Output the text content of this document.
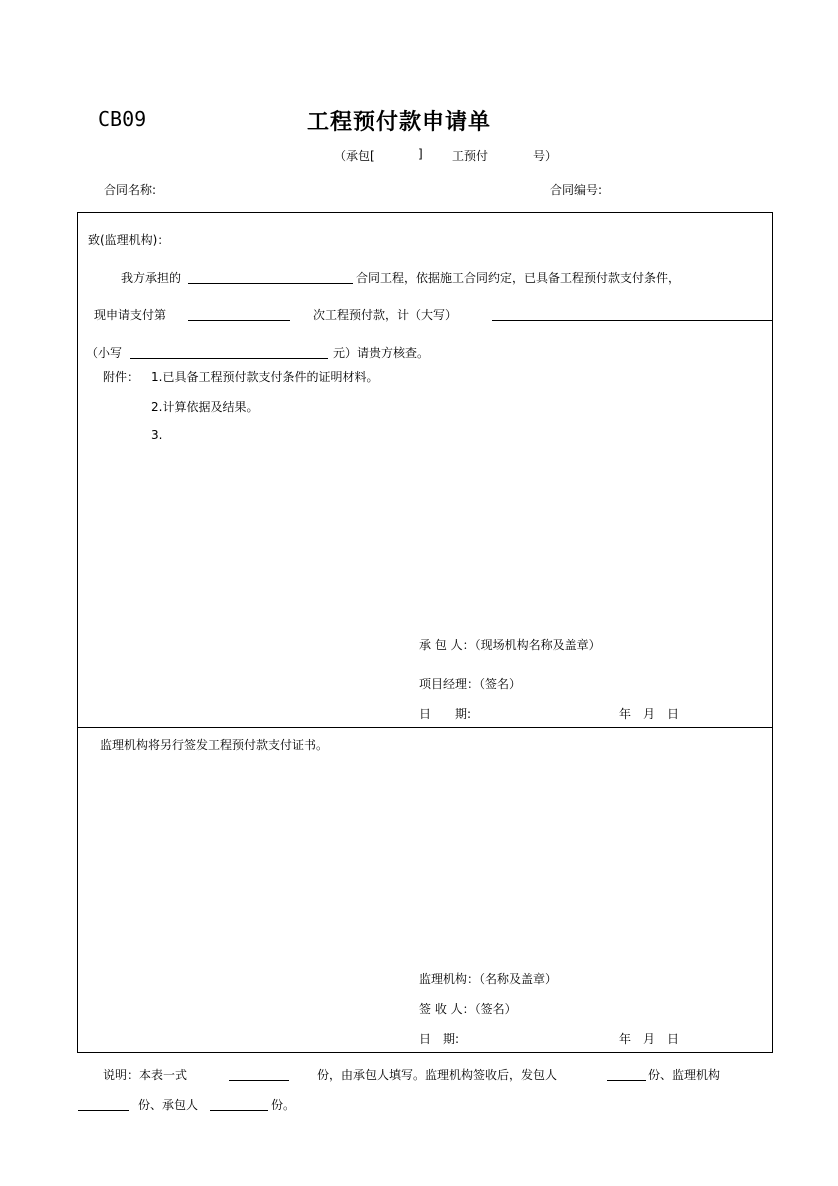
CB09	工程预付款申请单
（承包[	] 工预付	号）
合同名称:	合同编号:
致(监理机构)：
我方承担的	合同工程，依据施工合同约定，已具备工程预付款支付条件，
现申请支付第	次工程预付款，计（大写）
（小写	元）请贵方核查。
附件： 1.已具备工程预付款支付条件的证明材料。
2.计算依据及结果。
3.
承 包 人：（现场机构名称及盖章）
项目经理：（签名）
日　　期:	年　月　日
监理机构将另行签发工程预付款支付证书。
监理机构：（名称及盖章）
签 收 人：（签名）
日　期:	年　月　日
说明：本表一式	份，由承包人填写。监理机构签收后，发包人	份、监理机构
份、承包人	份。
